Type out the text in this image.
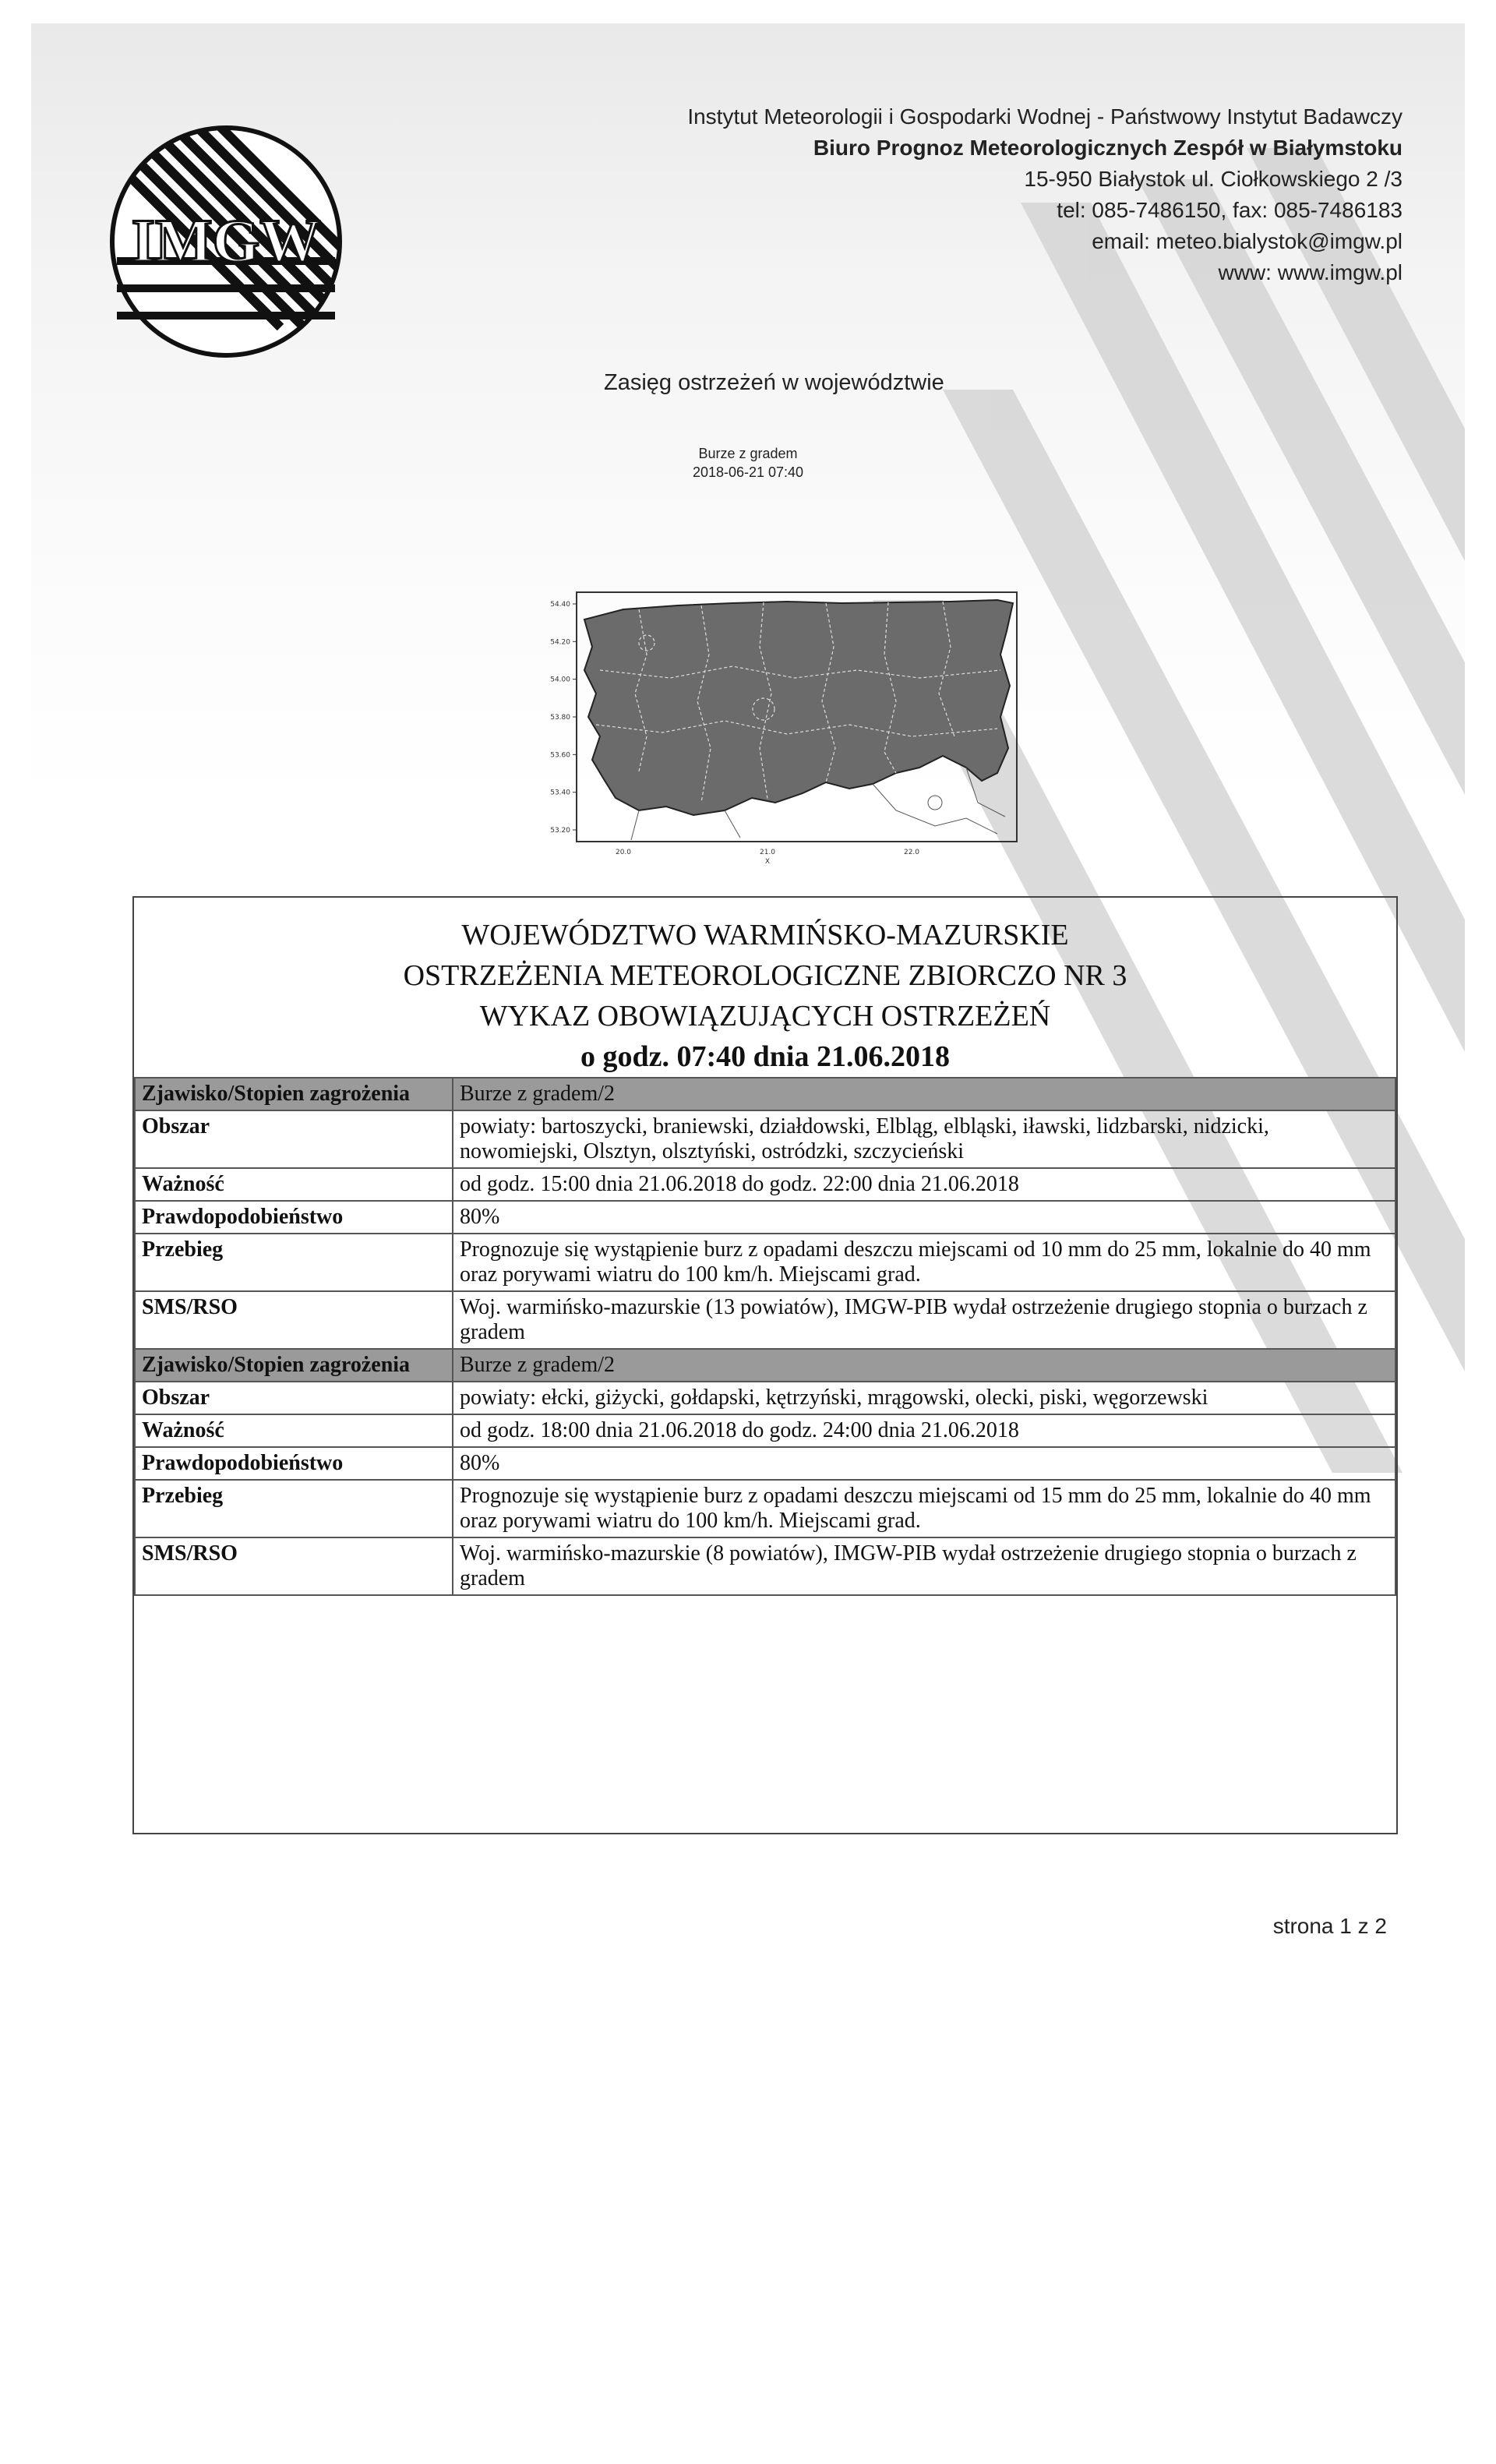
IMGW
Instytut Meteorologii i Gospodarki Wodnej - Państwowy Instytut Badawczy
Biuro Prognoz Meteorologicznych Zespół w Białymstoku
15-950 Białystok ul. Ciołkowskiego 2 /3
tel: 085-7486150, fax: 085-7486183
email: meteo.bialystok@imgw.pl
www: www.imgw.pl
Zasięg ostrzeżeń w województwie
Burze z gradem
2018-06-21 07:40
54.40
54.20
54.00
53.80
53.60
53.40
53.20
20.0	21.0	22.0
X
WOJEWÓDZTWO WARMIŃSKO-MAZURSKIE
OSTRZEŻENIA METEOROLOGICZNE ZBIORCZO NR 3
WYKAZ OBOWIĄZUJĄCYCH OSTRZEŻEŃ
o godz. 07:40 dnia 21.06.2018
Zjawisko/Stopien zagrożenia	Burze z gradem/2
Obszar	powiaty: bartoszycki, braniewski, działdowski, Elbląg, elbląski, iławski, lidzbarski, nidzicki, nowomiejski, Olsztyn, olsztyński, ostródzki, szczycieński
Ważność	od godz. 15:00 dnia 21.06.2018 do godz. 22:00 dnia 21.06.2018
Prawdopodobieństwo	80%
Przebieg	Prognozuje się wystąpienie burz z opadami deszczu miejscami od 10 mm do 25 mm, lokalnie do 40 mm oraz porywami wiatru do 100 km/h. Miejscami grad.
SMS/RSO	Woj. warmińsko-mazurskie (13 powiatów), IMGW-PIB wydał ostrzeżenie drugiego stopnia o burzach z gradem
Zjawisko/Stopien zagrożenia	Burze z gradem/2
Obszar	powiaty: ełcki, giżycki, gołdapski, kętrzyński, mrągowski, olecki, piski, węgorzewski
Ważność	od godz. 18:00 dnia 21.06.2018 do godz. 24:00 dnia 21.06.2018
Prawdopodobieństwo	80%
Przebieg	Prognozuje się wystąpienie burz z opadami deszczu miejscami od 15 mm do 25 mm, lokalnie do 40 mm oraz porywami wiatru do 100 km/h. Miejscami grad.
SMS/RSO	Woj. warmińsko-mazurskie (8 powiatów), IMGW-PIB wydał ostrzeżenie drugiego stopnia o burzach z gradem
strona 1 z 2
